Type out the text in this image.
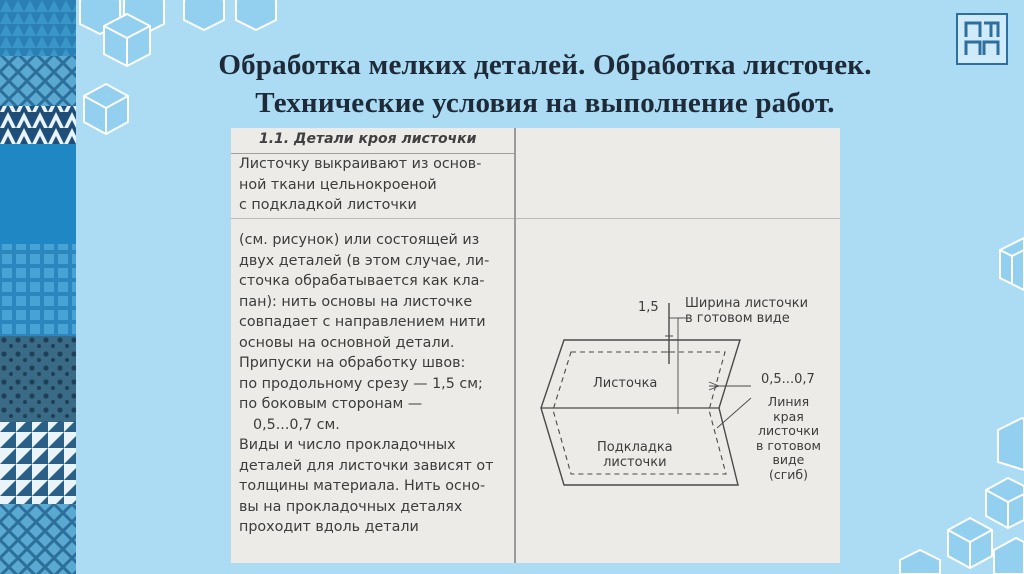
Обработка мелких деталей. Обработка листочек.
Технические условия на выполнение работ.
1.1. Детали кроя листочки
Листочку выкраивают из основ-
ной ткани цельнокроеной
с подкладкой листочки
(см. рисунок) или состоящей из
двух деталей (в этом случае, ли-
сточка обрабатывается как кла-
пан): нить основы на листочке
совпадает с направлением нити
основы на основной детали.
Припуски на обработку швов:
по продольному срезу — 1,5 см;
по боковым сторонам —
0,5...0,7 см.
Виды и число прокладочных
деталей для листочки зависят от
толщины материала. Нить осно-
вы на прокладочных деталях
проходит вдоль детали
1,5 Ширина листочки
в готовом виде
Листочка
Подкладка
листочки
0,5...0,7
Линия
края
листочки
в готовом
виде
(сгиб)
